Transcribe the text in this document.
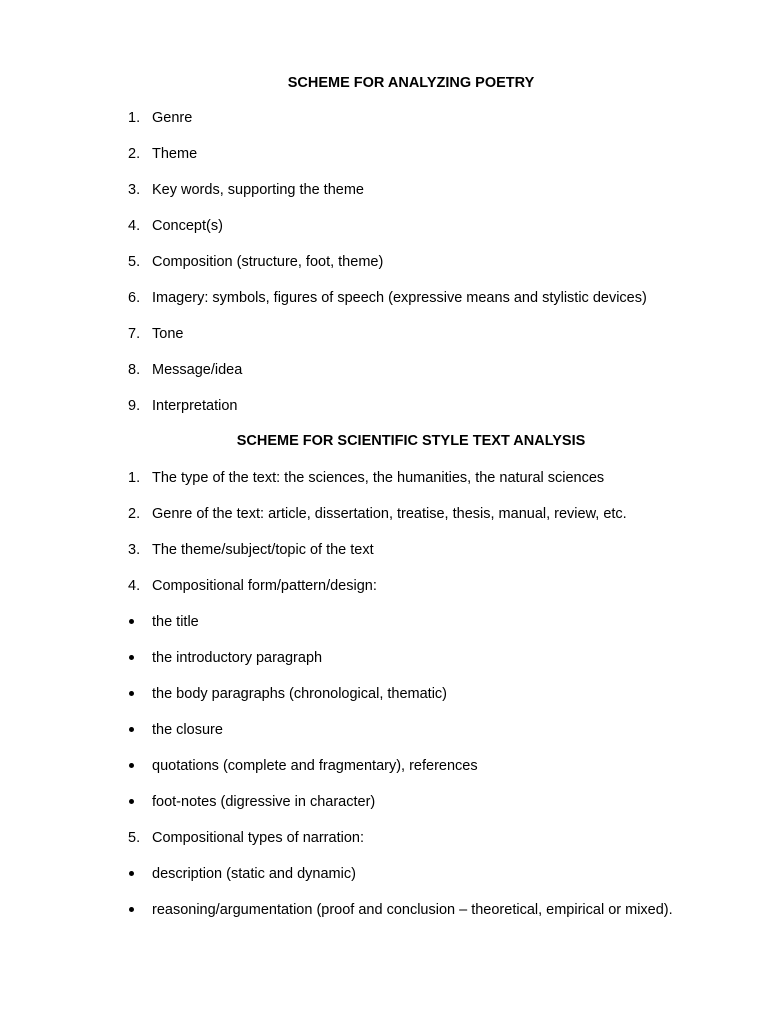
SCHEME FOR ANALYZING POETRY
1. Genre
2. Theme
3. Key words, supporting the theme
4. Concept(s)
5. Composition (structure, foot, theme)
6. Imagery: symbols, figures of speech (expressive means and stylistic devices)
7. Tone
8. Message/idea
9. Interpretation
SCHEME FOR SCIENTIFIC STYLE TEXT ANALYSIS
1. The type of the text: the sciences, the humanities, the natural sciences
2. Genre of the text: article, dissertation, treatise, thesis, manual, review, etc.
3. The theme/subject/topic of the text
4. Compositional form/pattern/design:
the title
the introductory paragraph
the body paragraphs (chronological, thematic)
the closure
quotations (complete and fragmentary), references
foot-notes (digressive in character)
5. Compositional types of narration:
description (static and dynamic)
reasoning/argumentation (proof and conclusion – theoretical, empirical or mixed).
